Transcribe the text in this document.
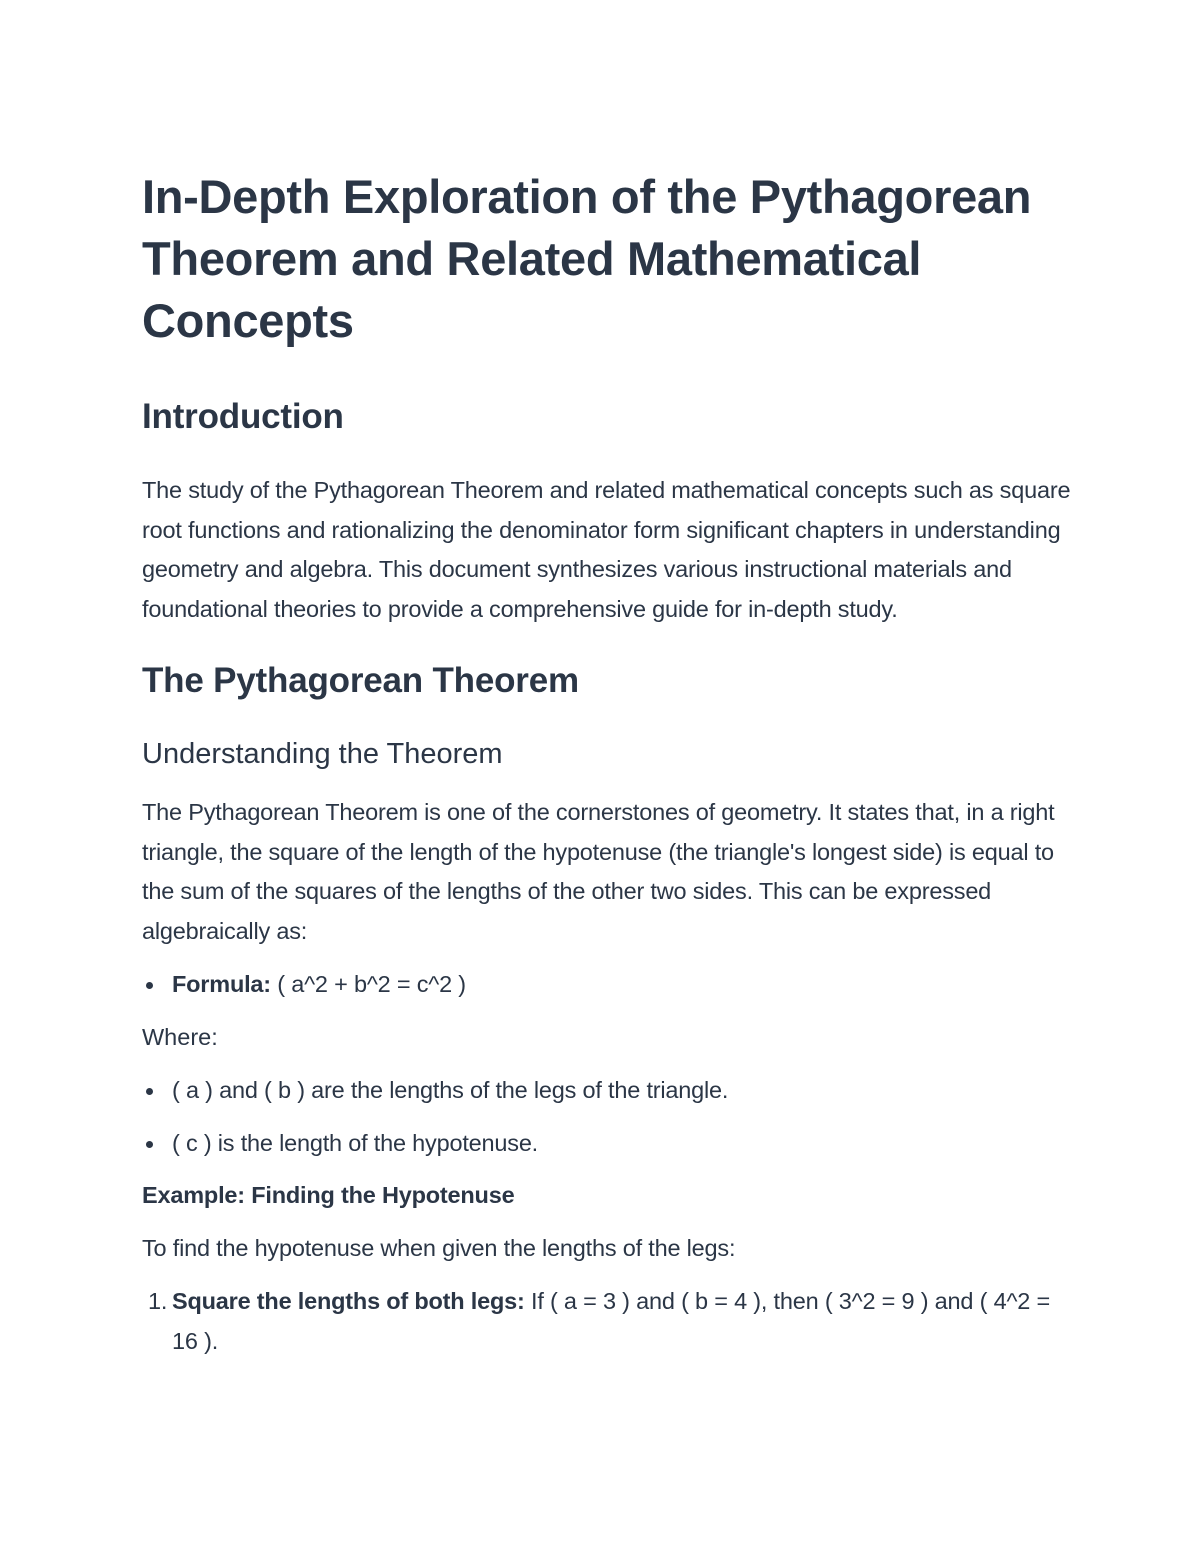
In-Depth Exploration of the Pythagorean Theorem and Related Mathematical Concepts
Introduction

The study of the Pythagorean Theorem and related mathematical concepts such as square root functions and rationalizing the denominator form significant chapters in understanding geometry and algebra. This document synthesizes various instructional materials and foundational theories to provide a comprehensive guide for in-depth study.

The Pythagorean Theorem
Understanding the Theorem

The Pythagorean Theorem is one of the cornerstones of geometry. It states that, in a right triangle, the square of the length of the hypotenuse (the triangle's longest side) is equal to the sum of the squares of the lengths of the other two sides. This can be expressed algebraically as:

Formula: ( a^2 + b^2 = c^2 )

Where:

( a ) and ( b ) are the lengths of the legs of the triangle.
( c ) is the length of the hypotenuse.

Example: Finding the Hypotenuse

To find the hypotenuse when given the lengths of the legs:

1. Square the lengths of both legs: If ( a = 3 ) and ( b = 4 ), then ( 3^2 = 9 ) and ( 4^2 = 16 ).
